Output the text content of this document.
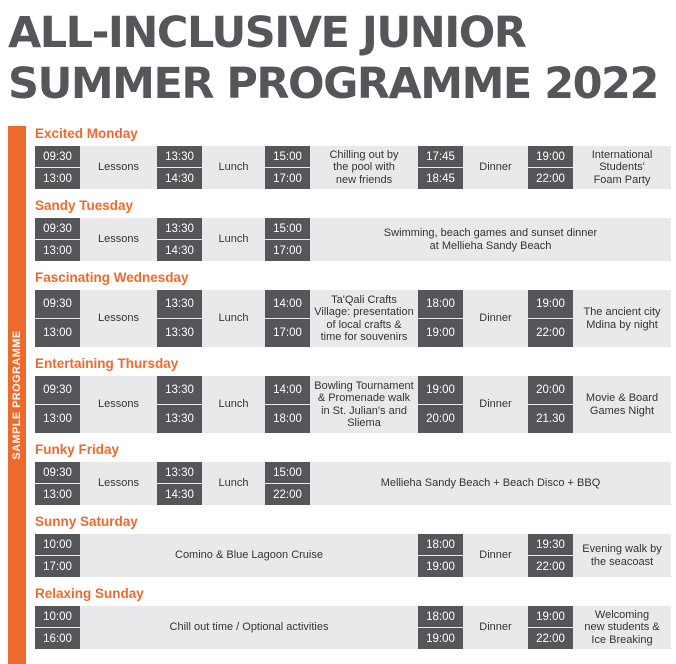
ALL-INCLUSIVE JUNIOR
SUMMER PROGRAMME 2022
SAMPLE PROGRAMME
Excited Monday
09:30
13:00
Lessons
13:30
14:30
Lunch
15:00
17:00
Chilling out by
the pool with
new friends
17:45
18:45
Dinner
19:00
22:00
International
Students'
Foam Party
Sandy Tuesday
09:30
13:00
Lessons
13:30
14:30
Lunch
15:00
17:00
Swimming, beach games and sunset dinner
at Mellieha Sandy Beach
Fascinating Wednesday
09:30
13:00
Lessons
13:30
13:30
Lunch
14:00
17:00
Ta'Qali Crafts
Village: presentation
of local crafts &
time for souvenirs
18:00
19:00
Dinner
19:00
22:00
The ancient city
Mdina by night
Entertaining Thursday
09:30
13:00
Lessons
13:30
13:30
Lunch
14:00
18:00
Bowling Tournament
& Promenade walk
in St. Julian's and
Sliema
19:00
20:00
Dinner
20:00
21.30
Movie & Board
Games Night
Funky Friday
09:30
13:00
Lessons
13:30
14:30
Lunch
15:00
22:00
Mellieha Sandy Beach + Beach Disco + BBQ
Sunny Saturday
10:00
17:00
Comino & Blue Lagoon Cruise
18:00
19:00
Dinner
19:30
22:00
Evening walk by
the seacoast
Relaxing Sunday
10:00
16:00
Chill out time / Optional activities
18:00
19:00
Dinner
19:00
22:00
Welcoming
new students &
Ice Breaking
